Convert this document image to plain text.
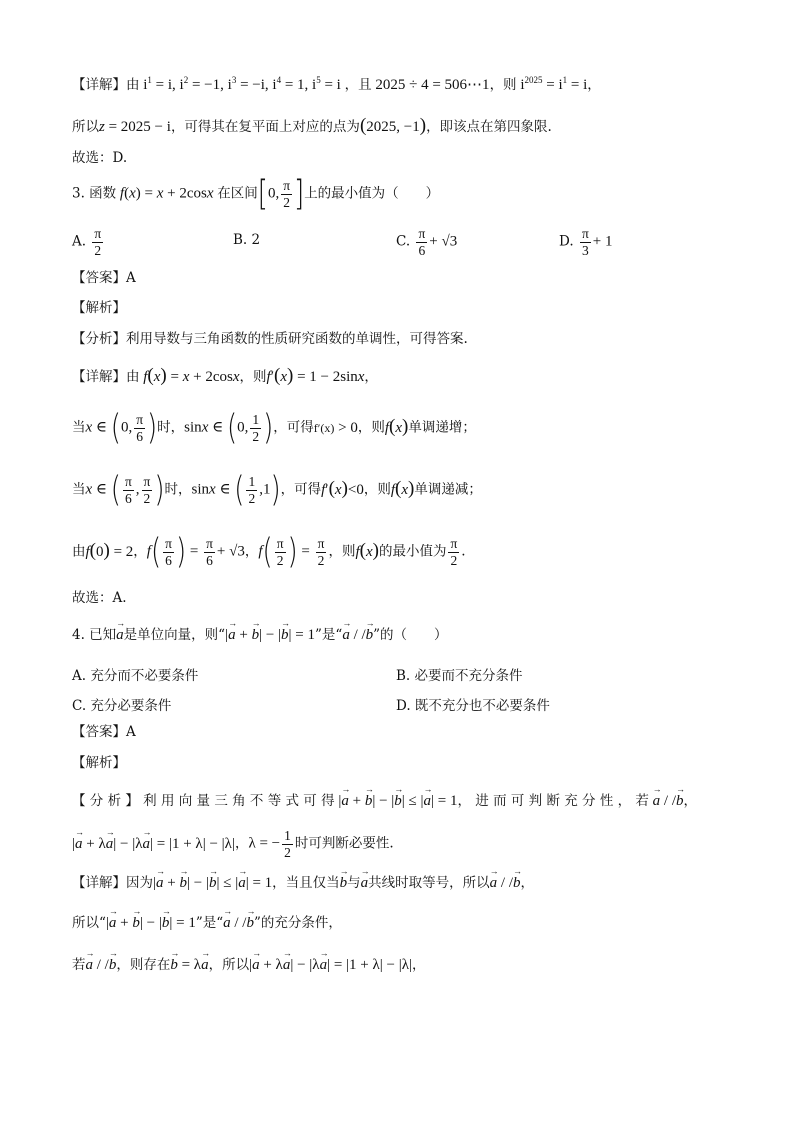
【详解】由 $i^1 = i$, $i^2 = -1$, $i^3 = -i$, $i^4 = 1$, $i^5 = i$ ，且 2025 ÷ 4 = 506⋯1，则 $i^{2025} = i^1 = i$，
所以z = 2025 − i，可得其在复平面上对应的点为(2025, −1)，即该点在第四象限.
故选：D.
3. 函数 f(x) = x + 2cosx 在区间[0, $\frac{\pi}{2}$ ]上的最小值为（　　）
A. $\frac{\pi}{2}$	B. 2	C. $\frac{\pi}{6} + √3$	D. $\frac{\pi}{3} + 1$
【答案】A
【解析】
【分析】利用导数与三角函数的性质研究函数的单调性，可得答案.
【详解】由 f(x) = x + 2cosx，则f′(x) = 1 − 2sinx，
当x ∈ (0, $\frac{\pi}{6}$ )时，sinx ∈ (0, $\frac{1}{2}$ )，可得f′(x) > 0，则f(x)单调递增；
当x ∈ ( $\frac{\pi}{6}$ , $\frac{\pi}{2}$ )时，sinx ∈ ( $\frac{1}{2} ,1$)，可得f′(x)<0，则f(x)单调递减；
由f(0) = 2，$f( \frac{\pi}{6}$ ) = $\frac{\pi}{6} + √3$，$f( \frac{\pi}{2}$ ) = $\frac{\pi}{2}$ ，则f(x)的最小值为 $\frac{\pi}{2}$ .
故选：A.
4. 已知→ a是单位向量，则“|→ a + → b| − |→ b| = 1”是“→ a / /→ b”的（　　）
A. 充分而不必要条件	B. 必要而不充分条件
C. 充分必要条件	D. 既不充分也不必要条件
【答案】A
【解析】
【 分 析 】 利 用 向 量 三 角 不 等 式 可 得 |→ a + → b| − |→ b| ≤ |→ a| = 1， 进 而 可 判 断 充 分 性 ， 若 → a / /→ b，
|→ a + λ→ a| − |λ→ a| = |1 + λ| − |λ|，λ = − $\frac{1}{2}$ 时可判断必要性.
【详解】因为|→ a + → b| − |→ b| ≤ |→ a| = 1，当且仅当→ b与→ a共线时取等号，所以→ a / /→ b，
所以“|→ a + → b| − |→ b| = 1”是“→ a / /→ b”的充分条件，
若→ a / /→ b，则存在→ b = λ→ a，所以|→ a + λ→ a| − |λ→ a| = |1 + λ| − |λ|，
